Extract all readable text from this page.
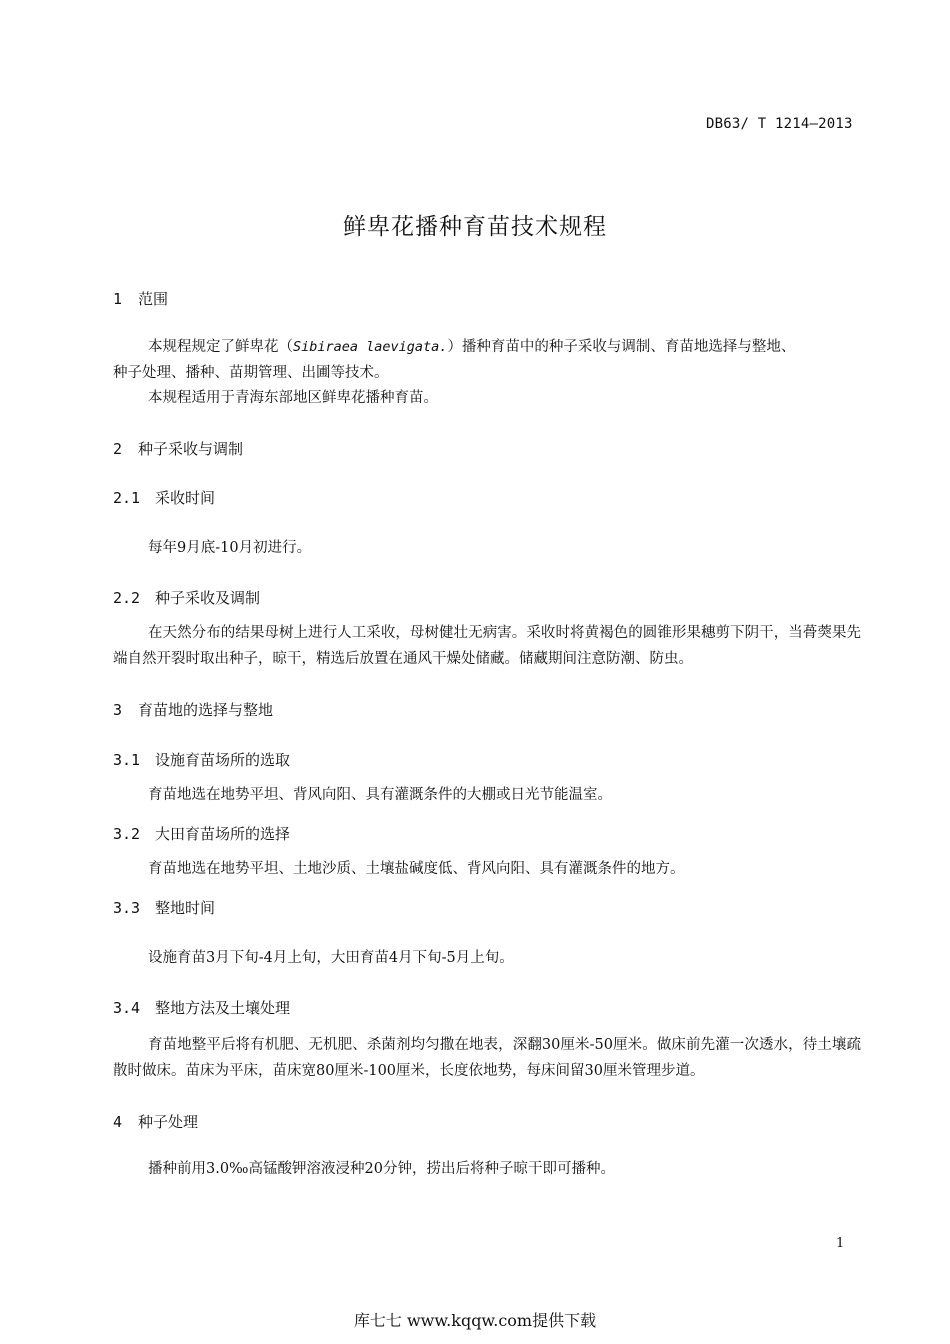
DB63/ T 1214—2013
鲜卑花播种育苗技术规程
1 范围
本规程规定了鲜卑花（Sibiraea laevigata.）播种育苗中的种子采收与调制、育苗地选择与整地、
种子处理、播种、苗期管理、出圃等技术。
本规程适用于青海东部地区鲜卑花播种育苗。
2 种子采收与调制
2.1 采收时间
每年9月底-10月初进行。
2.2 种子采收及调制
在天然分布的结果母树上进行人工采收，母树健壮无病害。采收时将黄褐色的圆锥形果穗剪下阴干，当蓇葖果先端自然开裂时取出种子，晾干，精选后放置在通风干燥处储藏。储藏期间注意防潮、防虫。
3 育苗地的选择与整地
3.1 设施育苗场所的选取
育苗地选在地势平坦、背风向阳、具有灌溉条件的大棚或日光节能温室。
3.2 大田育苗场所的选择
育苗地选在地势平坦、土地沙质、土壤盐碱度低、背风向阳、具有灌溉条件的地方。
3.3 整地时间
设施育苗3月下旬-4月上旬，大田育苗4月下旬-5月上旬。
3.4 整地方法及土壤处理
育苗地整平后将有机肥、无机肥、杀菌剂均匀撒在地表，深翻30厘米-50厘米。做床前先灌一次透水，待土壤疏散时做床。苗床为平床，苗床宽80厘米-100厘米，长度依地势，每床间留30厘米管理步道。
4 种子处理
播种前用3.0‰高锰酸钾溶液浸种20分钟，捞出后将种子晾干即可播种。
1
库七七 www.kqqw.com提供下载
